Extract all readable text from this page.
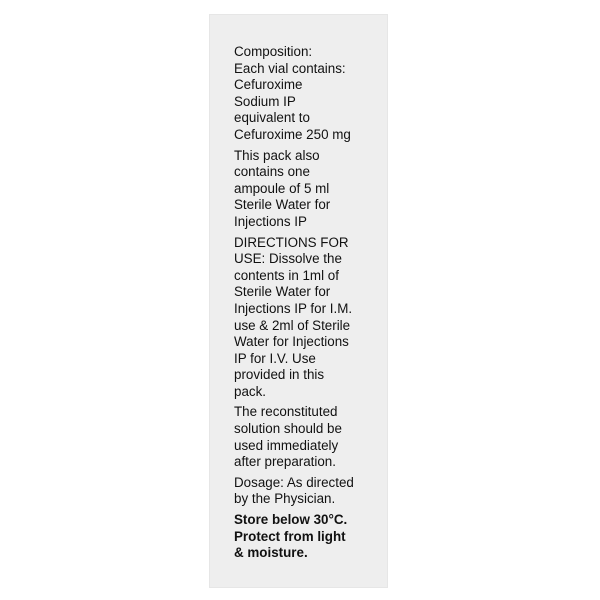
Composition:
Each vial contains:
Cefuroxime
Sodium IP
equivalent to
Cefuroxime 250 mg
This pack also
contains one
ampoule of 5 ml
Sterile Water for
Injections IP
DIRECTIONS FOR
USE: Dissolve the
contents in 1ml of
Sterile Water for
Injections IP for I.M.
use & 2ml of Sterile
Water for Injections
IP for I.V. Use
provided in this
pack.
The reconstituted
solution should be
used immediately
after preparation.
Dosage: As directed
by the Physician.
Store below 30°C.
Protect from light
& moisture.
